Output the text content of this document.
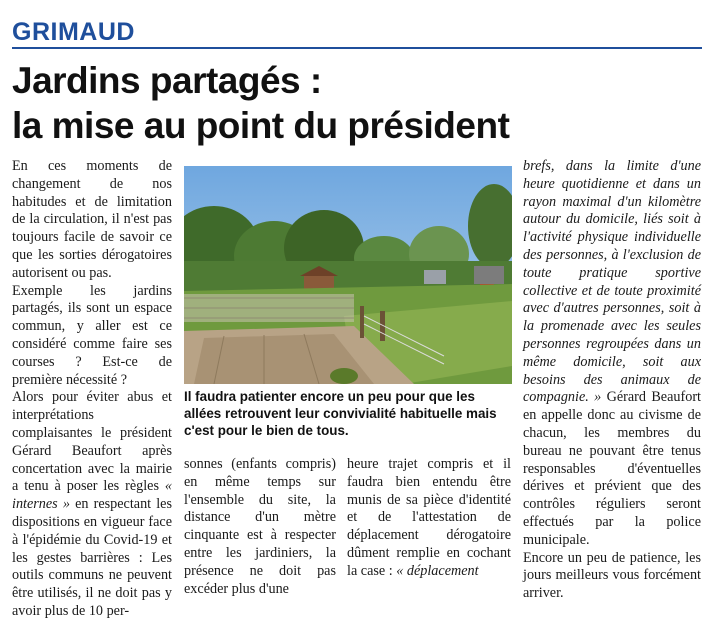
GRIMAUD
Jardins partagés :
la mise au point du président

En ces moments de changement de nos habitudes et de limitation de la circulation, il n'est pas toujours facile de savoir ce que les sorties dérogatoires autorisent ou pas.

Exemple les jardins partagés, ils sont un espace commun, y aller est ce considéré comme faire ses courses ? Est-ce de première nécessité ?

Alors pour éviter abus et interprétations complaisantes le président Gérard Beaufort après concertation avec la mairie a tenu à poser les règles « internes » en respectant les dispositions en vigueur face à l'épidémie du Covid-19 et les gestes barrières : Les outils communs ne peuvent être utilisés, il ne doit pas y avoir plus de 10 per-

Il faudra patienter encore un peu pour que les allées retrouvent leur convivialité habituelle mais c'est pour le bien de tous.

sonnes (enfants compris) en même temps sur l'ensemble du site, la distance d'un mètre cinquante est à respecter entre les jardiniers, la présence ne doit pas excéder plus d'une

heure trajet compris et il faudra bien entendu être munis de sa pièce d'identité et de l'attestation de déplacement dérogatoire dûment remplie en cochant la case : « déplacement

brefs, dans la limite d'une heure quotidienne et dans un rayon maximal d'un kilomètre autour du domicile, liés soit à l'activité physique individuelle des personnes, à l'exclusion de toute pratique sportive collective et de toute proximité avec d'autres personnes, soit à la promenade avec les seules personnes regroupées dans un même domicile, soit aux besoins des animaux de compagnie. » Gérard Beaufort en appelle donc au civisme de chacun, les membres du bureau ne pouvant être tenus responsables d'éventuelles dérives et prévient que des contrôles réguliers seront effectués par la police municipale.

Encore un peu de patience, les jours meilleurs vous forcément arriver.
